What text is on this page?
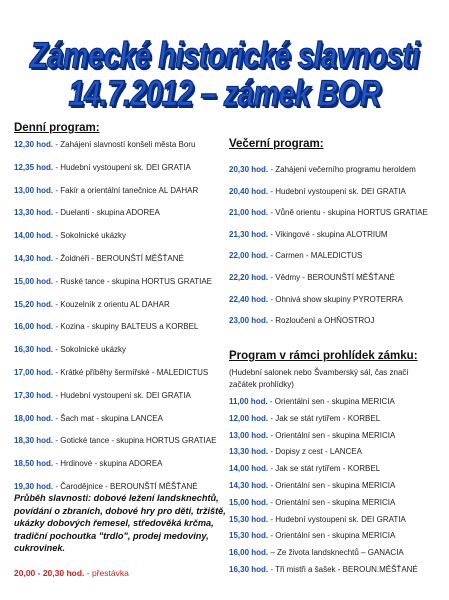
Zámecké historické slavnosti
14.7.2012 – zámek BOR
Denní program:
12,30 hod. - Zahájení slavností konšeli města Boru
12,35 hod. - Hudební vystoupení sk. DEI GRATIA
13,00 hod. - Fakír a orientální tanečnice AL DAHAR
13,30 hod. - Duelanti - skupina ADOREA
14,00 hod. - Sokolnické ukázky
14,30 hod. - Žoldnéři - BEROUNŠTÍ MĚŠŤANÉ
15,00 hod. - Ruské tance - skupina HORTUS GRATIAE
15,20 hod. - Kouzelník z orientu AL DAHAR
16,00 hod. - Kozina - skupiny BALTEUS a KORBEL
16,30 hod. - Sokolnické ukázky
17,00 hod. - Krátké příběhy šermířské - MALEDICTUS
17,30 hod. - Hudební vystoupení sk. DEI GRATIA
18,00 hod. - Šach mat - skupina LANCEA
18,30 hod. - Gotické tance - skupina HORTUS GRATIAE
18,50 hod. - Hrdinové - skupina ADOREA
19,30 hod. - Čarodějnice - BEROUNŠTÍ MĚŠŤANÉ
Večerní program:
20,30 hod. - Zahájení večerního programu heroldem
20,40 hod. - Hudební vystoupení sk. DEI GRATIA
21,00 hod. - Vůně orientu - skupina HORTUS GRATIAE
21,30 hod. - Vikingové - skupina ALOTRIUM
22,00 hod. - Carmen - MALEDICTUS
22,20 hod. - Vědmy - BEROUNŠTÍ MĚŠŤANÉ
22,40 hod. - Ohnivá show skupiny PYROTERRA
23,00 hod. - Rozloučení a OHŇOSTROJ
Program v rámci prohlídek zámku:
(Hudební salonek nebo Švamberský sál, čas značí
začátek prohlídky)
11,00 hod. - Orientální sen - skupina MERICIA
12,00 hod. - Jak se stát rytířem - KORBEL
13,00 hod. - Orientální sen - skupina MERICIA
13,30 hod. - Dopisy z cest - LANCEA
14,00 hod. - Jak se stát rytířem - KORBEL
14,30 hod. - Orientální sen - skupina MERICIA
15,00 hod. - Orientální sen - skupina MERICIA
15,30 hod. - Hudební vystoupení sk. DEI GRATIA
15,30 hod. - Orientální sen - skupina MERICIA
16,00 hod. – Ze života landsknechtů – GANACIA
16,30 hod. - Tři mistři a šašek - BEROUN.MĚŠŤANÉ
Průběh slavnosti: dobové ležení landsknechtů, povídání o zbraních, dobové hry pro děti, tržiště, ukázky dobových řemesel, středověká krčma, tradiční pochoutka "trdlo", prodej medoviny, cukrovinek.
20,00 - 20,30 hod. - přestávka
